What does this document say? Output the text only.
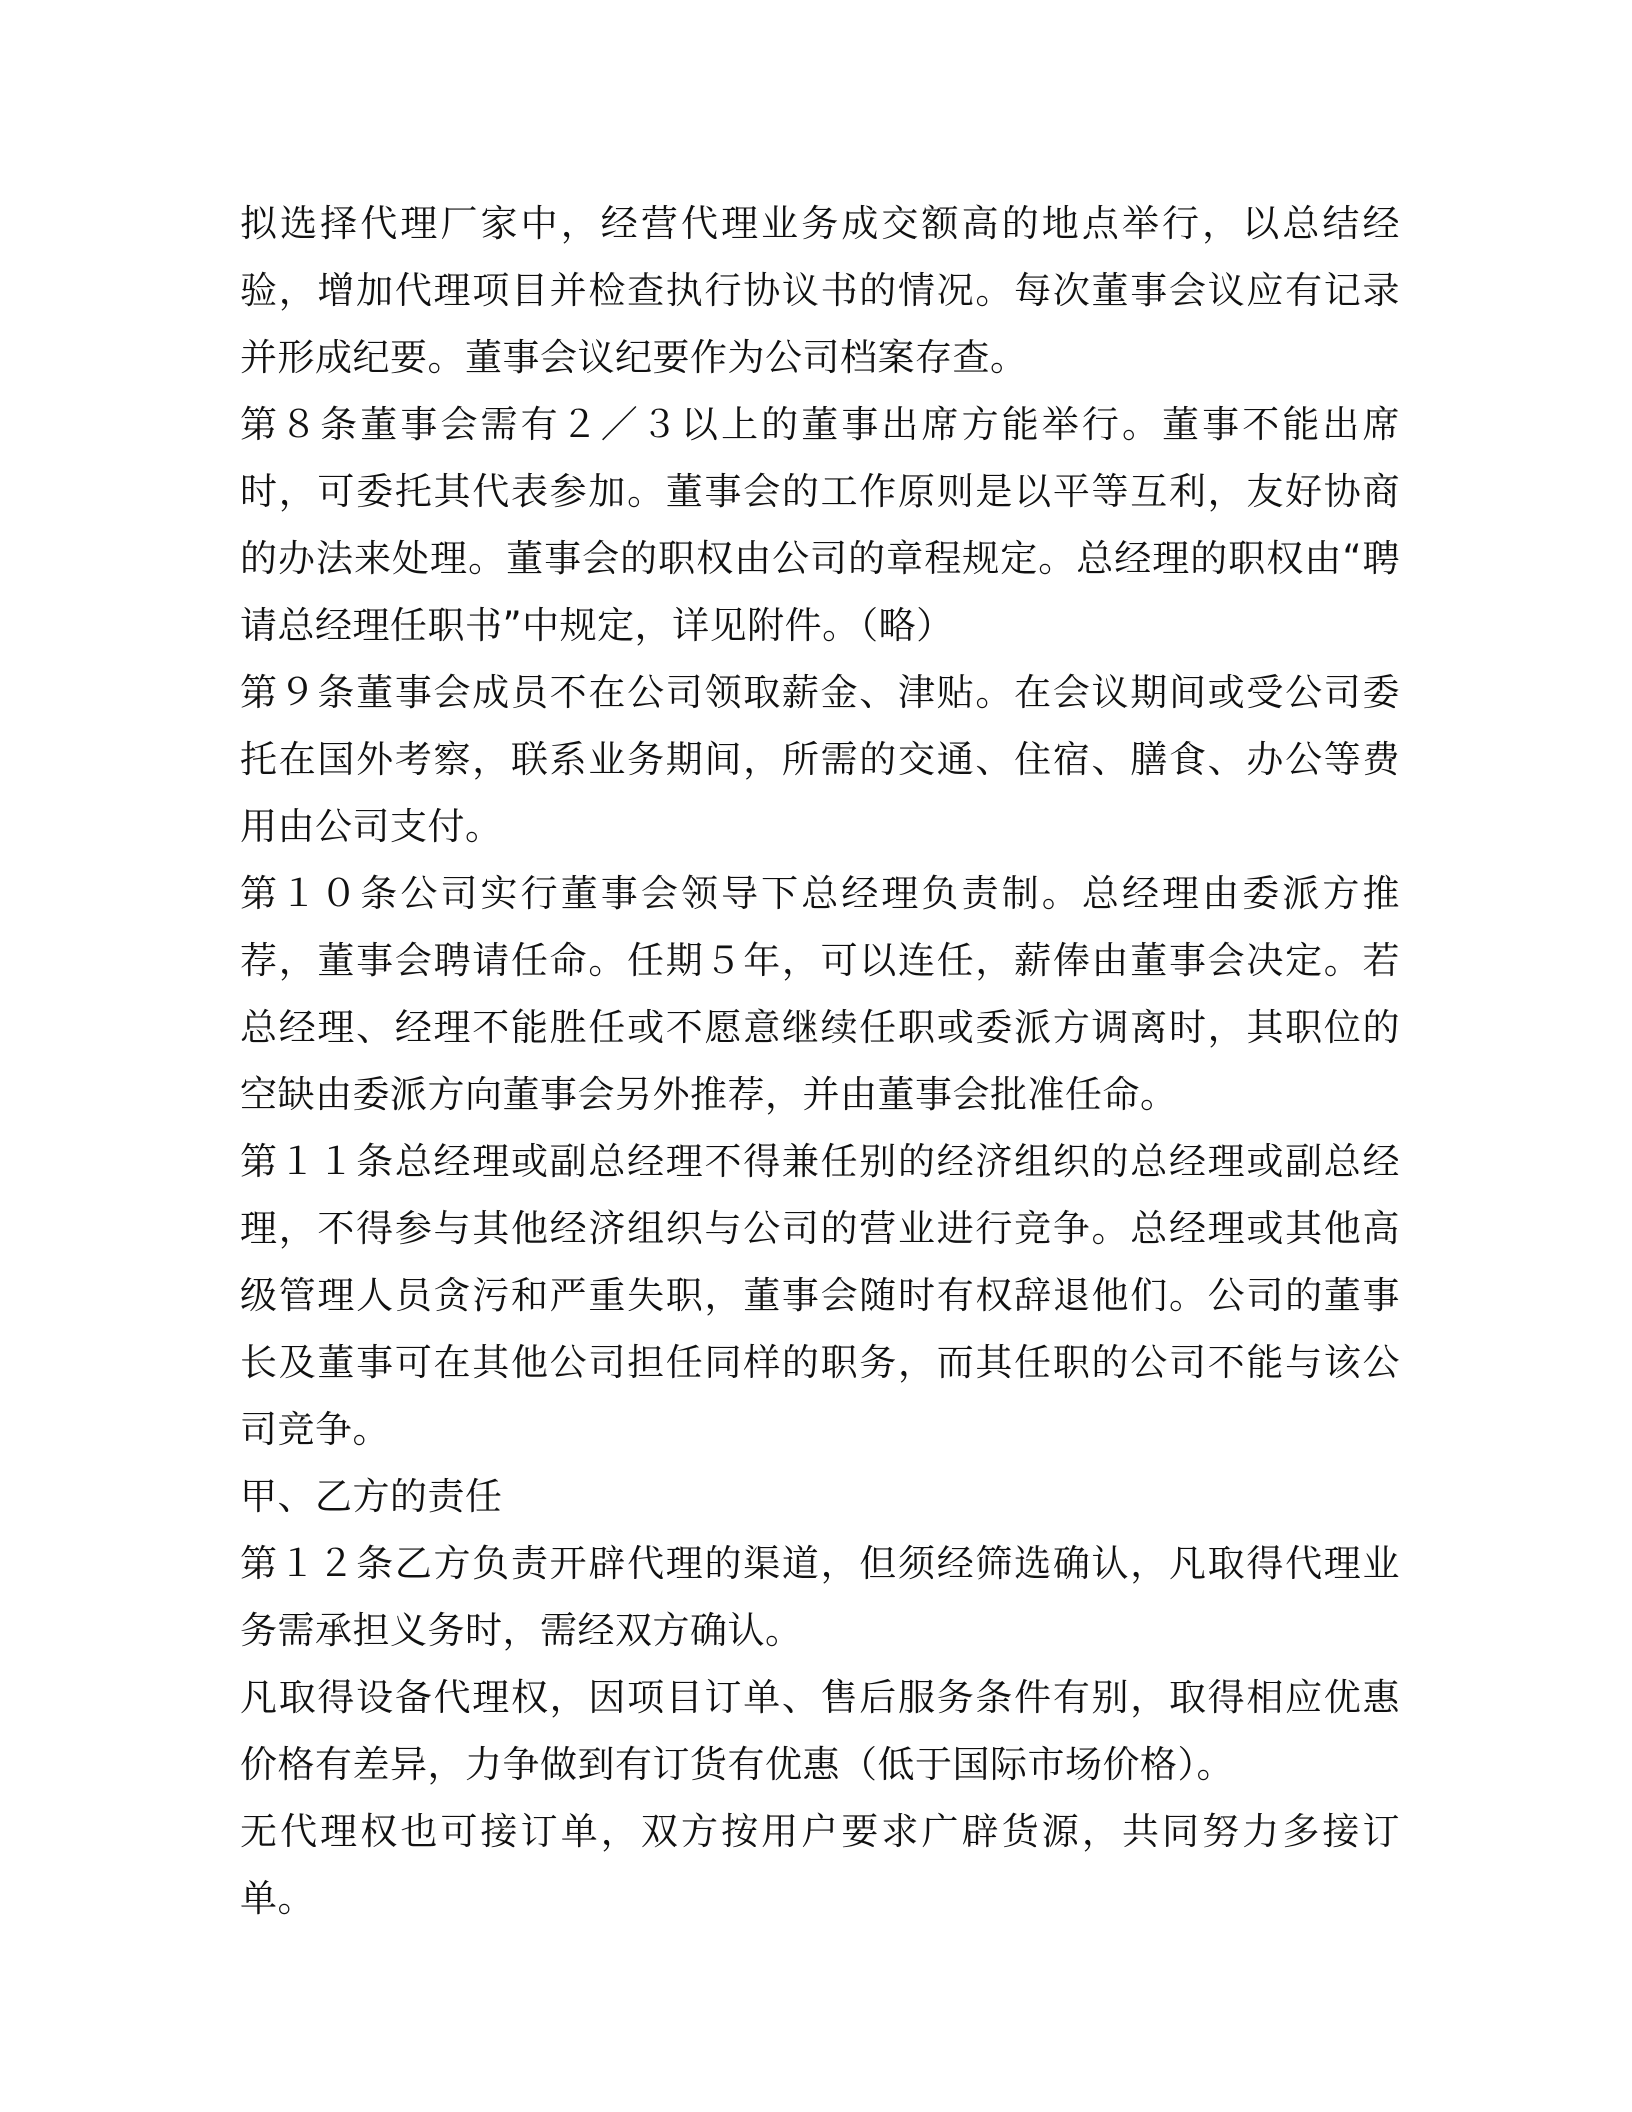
拟选择代理厂家中，经营代理业务成交额高的地点举行，以总结经验，增加代理项目并检查执行协议书的情况。每次董事会议应有记录并形成纪要。董事会议纪要作为公司档案存查。

第８条董事会需有２／３以上的董事出席方能举行。董事不能出席时，可委托其代表参加。董事会的工作原则是以平等互利，友好协商的办法来处理。董事会的职权由公司的章程规定。总经理的职权由“聘请总经理任职书”中规定，详见附件。（略）

第９条董事会成员不在公司领取薪金、津贴。在会议期间或受公司委托在国外考察，联系业务期间，所需的交通、住宿、膳食、办公等费用由公司支付。

第１０条公司实行董事会领导下总经理负责制。总经理由委派方推荐，董事会聘请任命。任期５年，可以连任，薪俸由董事会决定。若总经理、经理不能胜任或不愿意继续任职或委派方调离时，其职位的空缺由委派方向董事会另外推荐，并由董事会批准任命。

第１１条总经理或副总经理不得兼任别的经济组织的总经理或副总经理，不得参与其他经济组织与公司的营业进行竞争。总经理或其他高级管理人员贪污和严重失职，董事会随时有权辞退他们。公司的董事长及董事可在其他公司担任同样的职务，而其任职的公司不能与该公司竞争。

甲、乙方的责任

第１２条乙方负责开辟代理的渠道，但须经筛选确认，凡取得代理业务需承担义务时，需经双方确认。

凡取得设备代理权，因项目订单、售后服务条件有别，取得相应优惠价格有差异，力争做到有订货有优惠（低于国际市场价格）。

无代理权也可接订单，双方按用户要求广辟货源，共同努力多接订单。
